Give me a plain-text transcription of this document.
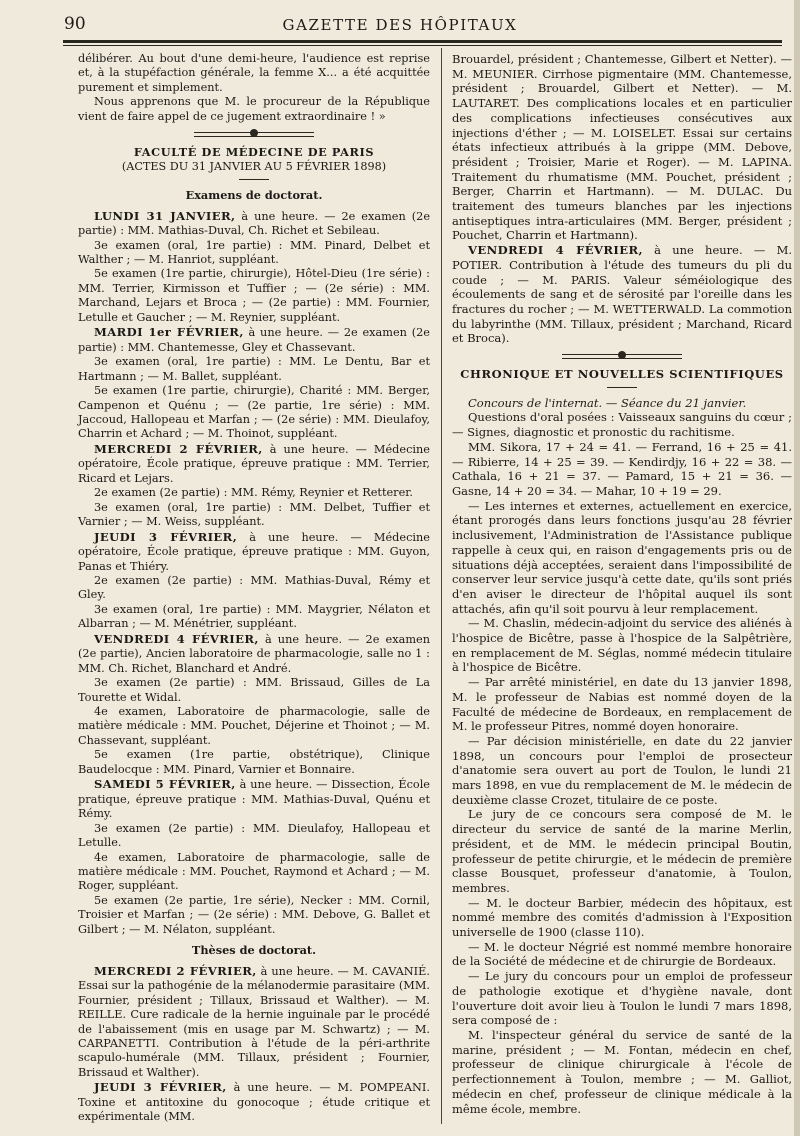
90	GAZETTE DES HÔPITAUX

délibérer. Au bout d'une demi-heure, l'audience est reprise et, à la stupéfaction générale, la femme X... a été acquittée purement et simplement.

Nous apprenons que M. le procureur de la République vient de faire appel de ce jugement extraordinaire ! »

FACULTÉ DE MÉDECINE DE PARIS

(ACTES DU 31 JANVIER AU 5 FÉVRIER 1898)

Examens de doctorat.

LUNDI 31 JANVIER, à une heure. — 2e examen (2e partie) : MM. Mathias-Duval, Ch. Richet et Sebileau.

3e examen (oral, 1re partie) : MM. Pinard, Delbet et Walther ; — M. Hanriot, suppléant.

5e examen (1re partie, chirurgie), Hôtel-Dieu (1re série) : MM. Terrier, Kirmisson et Tuffier ; — (2e série) : MM. Marchand, Lejars et Broca ; — (2e partie) : MM. Fournier, Letulle et Gaucher ; — M. Reynier, suppléant.

MARDI 1er FÉVRIER, à une heure. — 2e examen (2e partie) : MM. Chantemesse, Gley et Chassevant.

3e examen (oral, 1re partie) : MM. Le Dentu, Bar et Hartmann ; — M. Ballet, suppléant.

5e examen (1re partie, chirurgie), Charité : MM. Berger, Campenon et Quénu ; — (2e partie, 1re série) : MM. Jaccoud, Hallopeau et Marfan ; — (2e série) : MM. Dieulafoy, Charrin et Achard ; — M. Thoinot, suppléant.

MERCREDI 2 FÉVRIER, à une heure. — Médecine opératoire, École pratique, épreuve pratique : MM. Terrier, Ricard et Lejars.

2e examen (2e partie) : MM. Rémy, Reynier et Retterer.

3e examen (oral, 1re partie) : MM. Delbet, Tuffier et Varnier ; — M. Weiss, suppléant.

JEUDI 3 FÉVRIER, à une heure. — Médecine opératoire, École pratique, épreuve pratique : MM. Guyon, Panas et Thiéry.

2e examen (2e partie) : MM. Mathias-Duval, Rémy et Gley.

3e examen (oral, 1re partie) : MM. Maygrier, Nélaton et Albarran ; — M. Ménétrier, suppléant.

VENDREDI 4 FÉVRIER, à une heure. — 2e examen (2e partie), Ancien laboratoire de pharmacologie, salle no 1 : MM. Ch. Richet, Blanchard et André.

3e examen (2e partie) : MM. Brissaud, Gilles de La Tourette et Widal.

4e examen, Laboratoire de pharmacologie, salle de matière médicale : MM. Pouchet, Déjerine et Thoinot ; — M. Chassevant, suppléant.

5e examen (1re partie, obstétrique), Clinique Baudelocque : MM. Pinard, Varnier et Bonnaire.

SAMEDI 5 FÉVRIER, à une heure. — Dissection, École pratique, épreuve pratique : MM. Mathias-Duval, Quénu et Rémy.

3e examen (2e partie) : MM. Dieulafoy, Hallopeau et Letulle.

4e examen, Laboratoire de pharmacologie, salle de matière médicale : MM. Pouchet, Raymond et Achard ; — M. Roger, suppléant.

5e examen (2e partie, 1re série), Necker : MM. Cornil, Troisier et Marfan ; — (2e série) : MM. Debove, G. Ballet et Gilbert ; — M. Nélaton, suppléant.

Thèses de doctorat.

MERCREDI 2 FÉVRIER, à une heure. — M. CAVANIÉ. Essai sur la pathogénie de la mélanodermie parasitaire (MM. Fournier, président ; Tillaux, Brissaud et Walther). — M. REILLE. Cure radicale de la hernie inguinale par le procédé de l'abaissement (mis en usage par M. Schwartz) ; — M. CARPANETTI. Contribution à l'étude de la péri-arthrite scapulo-humérale (MM. Tillaux, président ; Fournier, Brissaud et Walther).

JEUDI 3 FÉVRIER, à une heure. — M. POMPEANI. Toxine et antitoxine du gonocoque ; étude critique et expérimentale (MM.

Brouardel, président ; Chantemesse, Gilbert et Netter). — M. MEUNIER. Cirrhose pigmentaire (MM. Chantemesse, président ; Brouardel, Gilbert et Netter). — M. LAUTARET. Des complications locales et en particulier des complications infectieuses consécutives aux injections d'éther ; — M. LOISELET. Essai sur certains états infectieux attribués à la grippe (MM. Debove, président ; Troisier, Marie et Roger). — M. LAPINA. Traitement du rhumatisme (MM. Pouchet, président ; Berger, Charrin et Hartmann). — M. DULAC. Du traitement des tumeurs blanches par les injections antiseptiques intra-articulaires (MM. Berger, président ; Pouchet, Charrin et Hartmann).

VENDREDI 4 FÉVRIER, à une heure. — M. POTIER. Contribution à l'étude des tumeurs du pli du coude ; — M. PARIS. Valeur séméiologique des écoulements de sang et de sérosité par l'oreille dans les fractures du rocher ; — M. WETTERWALD. La commotion du labyrinthe (MM. Tillaux, président ; Marchand, Ricard et Broca).

CHRONIQUE ET NOUVELLES SCIENTIFIQUES

Concours de l'internat. — Séance du 21 janvier.

Questions d'oral posées : Vaisseaux sanguins du cœur ; — Signes, diagnostic et pronostic du rachitisme.

MM. Sikora, 17 + 24 = 41. — Ferrand, 16 + 25 = 41. — Ribierre, 14 + 25 = 39. — Kendirdjy, 16 + 22 = 38. — Cathala, 16 + 21 = 37. — Pamard, 15 + 21 = 36. — Gasne, 14 + 20 = 34. — Mahar, 10 + 19 = 29.

— Les internes et externes, actuellement en exercice, étant prorogés dans leurs fonctions jusqu'au 28 février inclusivement, l'Administration de l'Assistance publique rappelle à ceux qui, en raison d'engagements pris ou de situations déjà acceptées, seraient dans l'impossibilité de conserver leur service jusqu'à cette date, qu'ils sont priés d'en aviser le directeur de l'hôpital auquel ils sont attachés, afin qu'il soit pourvu à leur remplacement.

— M. Chaslin, médecin-adjoint du service des aliénés à l'hospice de Bicêtre, passe à l'hospice de la Salpêtrière, en remplacement de M. Séglas, nommé médecin titulaire à l'hospice de Bicêtre.

— Par arrêté ministériel, en date du 13 janvier 1898, M. le professeur de Nabias est nommé doyen de la Faculté de médecine de Bordeaux, en remplacement de M. le professeur Pitres, nommé doyen honoraire.

— Par décision ministérielle, en date du 22 janvier 1898, un concours pour l'emploi de prosecteur d'anatomie sera ouvert au port de Toulon, le lundi 21 mars 1898, en vue du remplacement de M. le médecin de deuxième classe Crozet, titulaire de ce poste.

Le jury de ce concours sera composé de M. le directeur du service de santé de la marine Merlin, président, et de MM. le médecin principal Boutin, professeur de petite chirurgie, et le médecin de première classe Bousquet, professeur d'anatomie, à Toulon, membres.

— M. le docteur Barbier, médecin des hôpitaux, est nommé membre des comités d'admission à l'Exposition universelle de 1900 (classe 110).

— M. le docteur Négrié est nommé membre honoraire de la Société de médecine et de chirurgie de Bordeaux.

— Le jury du concours pour un emploi de professeur de pathologie exotique et d'hygiène navale, dont l'ouverture doit avoir lieu à Toulon le lundi 7 mars 1898, sera composé de :

M. l'inspecteur général du service de santé de la marine, président ; — M. Fontan, médecin en chef, professeur de clinique chirurgicale à l'école de perfectionnement à Toulon, membre ; — M. Galliot, médecin en chef, professeur de clinique médicale à la même école, membre.
